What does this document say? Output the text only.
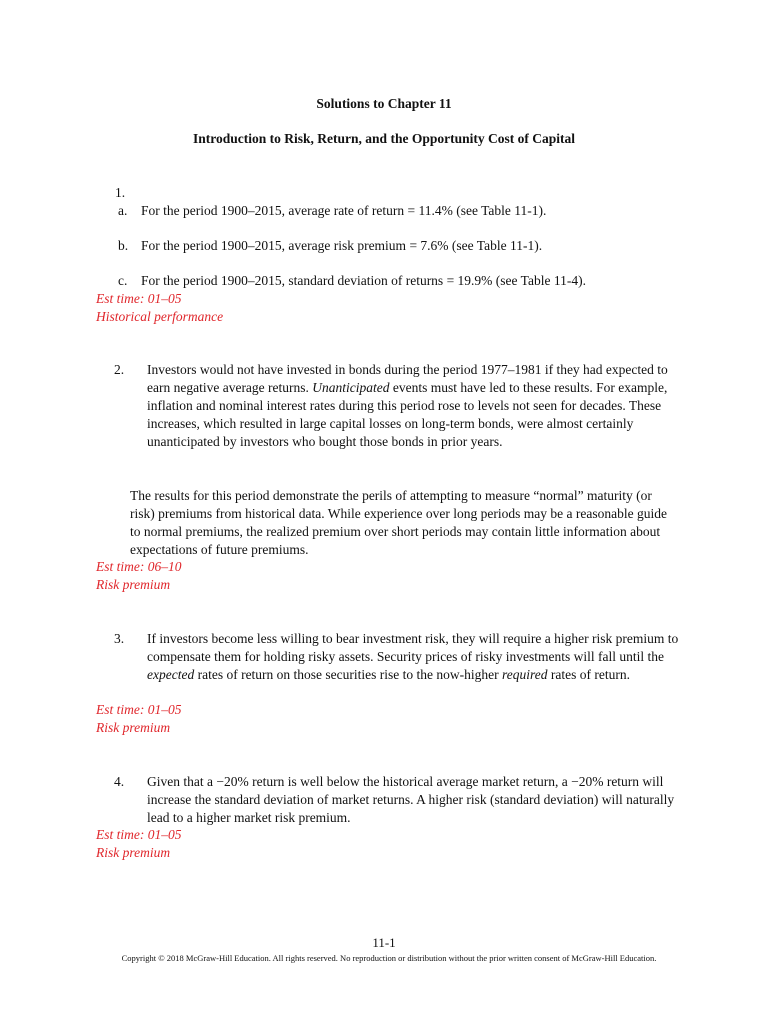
Solutions to Chapter 11
Introduction to Risk, Return, and the Opportunity Cost of Capital
1.
a. For the period 1900–2015, average rate of return = 11.4% (see Table 11-1).
b. For the period 1900–2015, average risk premium = 7.6% (see Table 11-1).
c. For the period 1900–2015, standard deviation of returns = 19.9% (see Table 11-4).
Est time: 01–05
Historical performance
2. Investors would not have invested in bonds during the period 1977–1981 if they had expected to earn negative average returns. Unanticipated events must have led to these results. For example, inflation and nominal interest rates during this period rose to levels not seen for decades. These increases, which resulted in large capital losses on long-term bonds, were almost certainly unanticipated by investors who bought those bonds in prior years.
The results for this period demonstrate the perils of attempting to measure “normal” maturity (or risk) premiums from historical data. While experience over long periods may be a reasonable guide to normal premiums, the realized premium over short periods may contain little information about expectations of future premiums.
Est time: 06–10
Risk premium
3. If investors become less willing to bear investment risk, they will require a higher risk premium to compensate them for holding risky assets. Security prices of risky investments will fall until the expected rates of return on those securities rise to the now-higher required rates of return.
Est time: 01–05
Risk premium
4. Given that a −20% return is well below the historical average market return, a −20% return will increase the standard deviation of market returns. A higher risk (standard deviation) will naturally lead to a higher market risk premium.
Est time: 01–05
Risk premium
11-1
Copyright © 2018 McGraw-Hill Education. All rights reserved. No reproduction or distribution without the prior written consent of McGraw-Hill Education.
